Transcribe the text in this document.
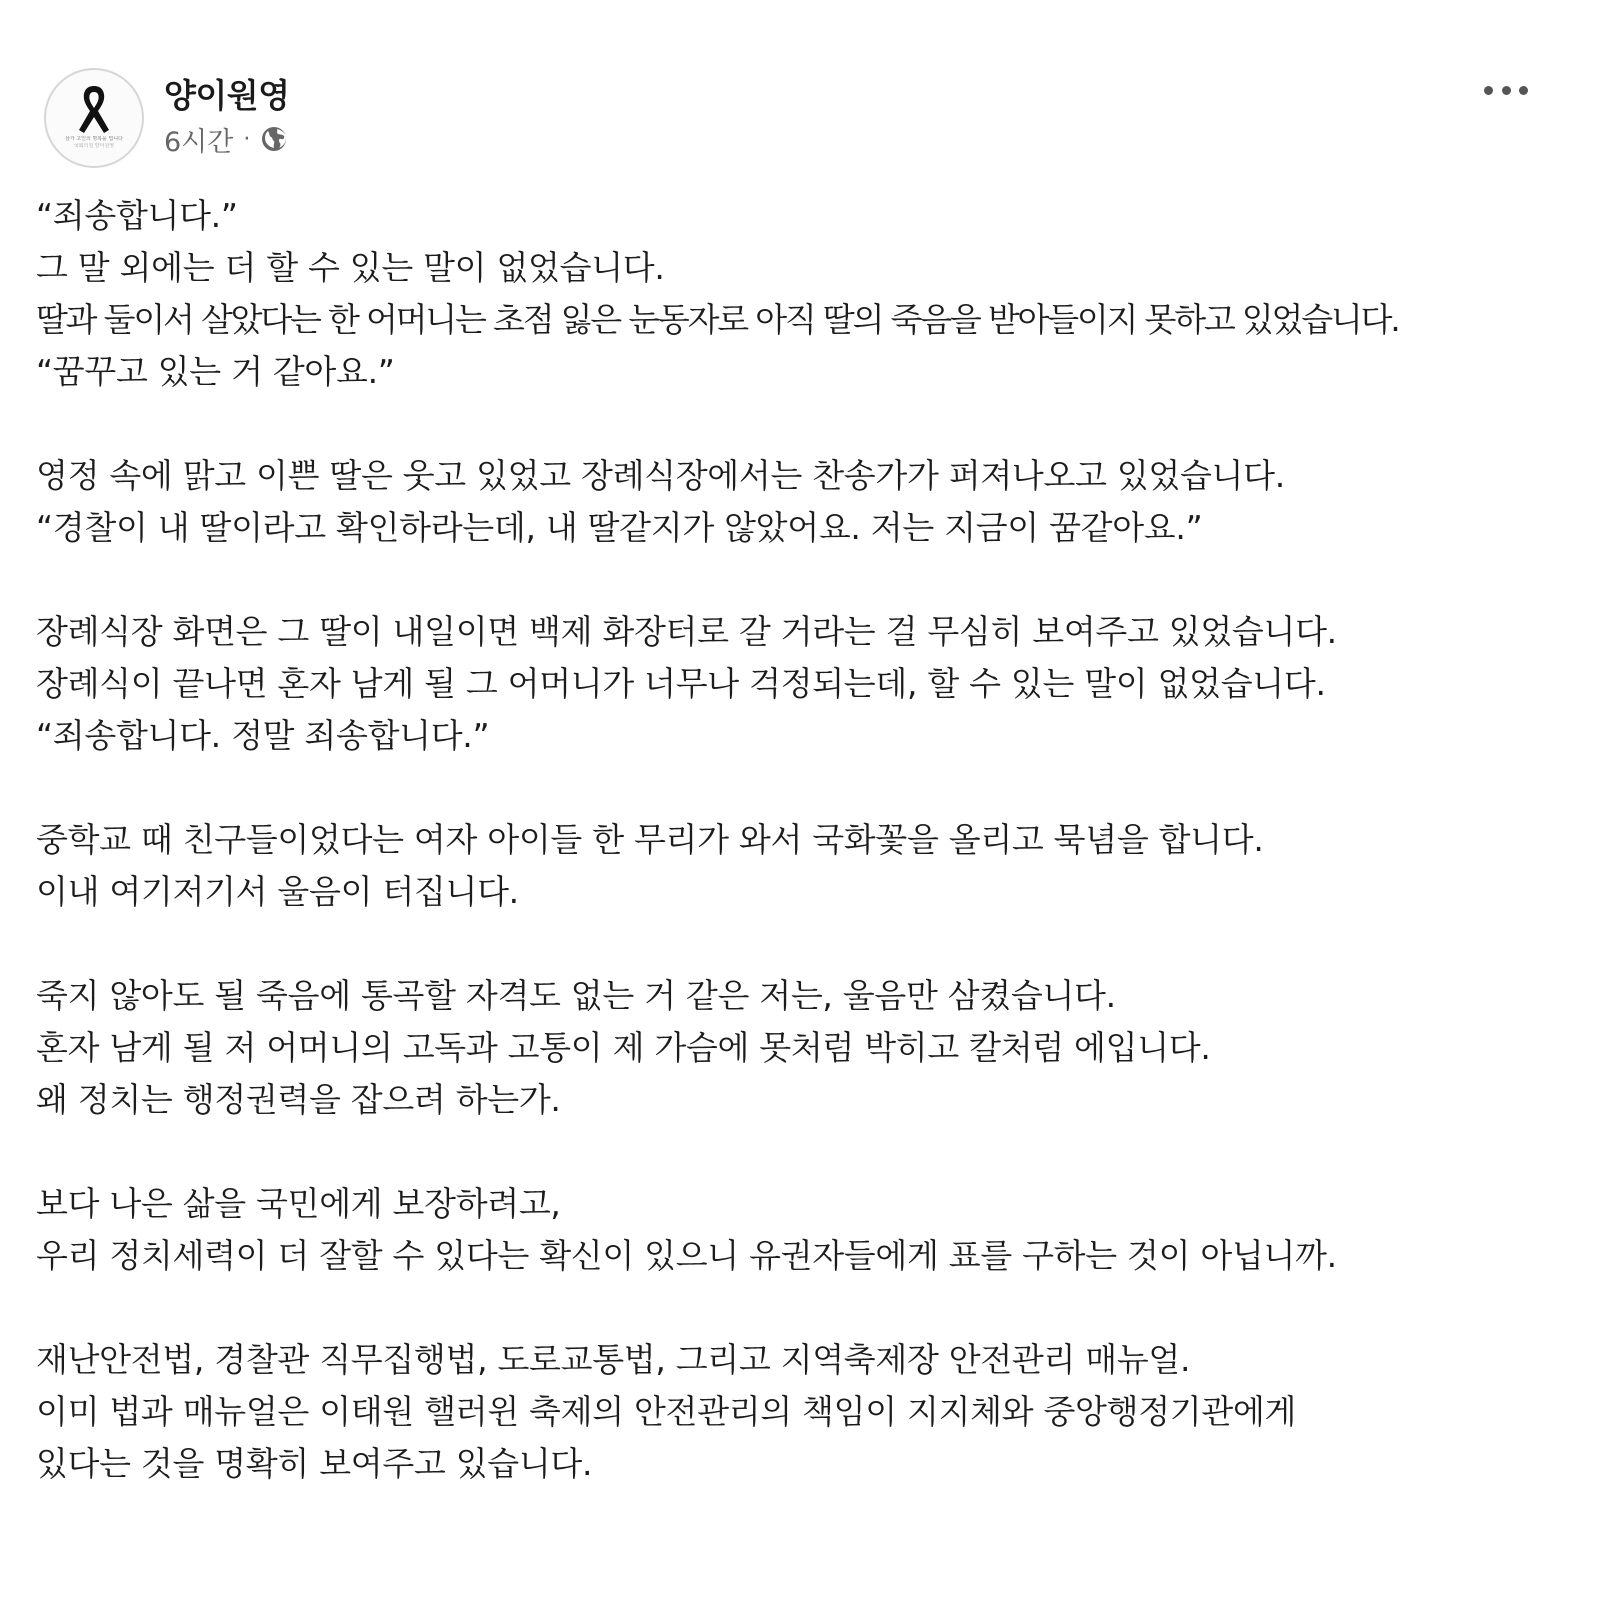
삼가 고인의 명복을 빕니다
국회의원 양이원영
양이원영
6시간 ·
“죄송합니다.”
그 말 외에는 더 할 수 있는 말이 없었습니다.
딸과 둘이서 살았다는 한 어머니는 초점 잃은 눈동자로 아직 딸의 죽음을 받아들이지 못하고 있었습니다.
“꿈꾸고 있는 거 같아요.”
영정 속에 맑고 이쁜 딸은 웃고 있었고 장례식장에서는 찬송가가 퍼져나오고 있었습니다.
“경찰이 내 딸이라고 확인하라는데, 내 딸같지가 않았어요. 저는 지금이 꿈같아요.”
장례식장 화면은 그 딸이 내일이면 백제 화장터로 갈 거라는 걸 무심히 보여주고 있었습니다.
장례식이 끝나면 혼자 남게 될 그 어머니가 너무나 걱정되는데, 할 수 있는 말이 없었습니다.
“죄송합니다. 정말 죄송합니다.”
중학교 때 친구들이었다는 여자 아이들 한 무리가 와서 국화꽃을 올리고 묵념을 합니다.
이내 여기저기서 울음이 터집니다.
죽지 않아도 될 죽음에 통곡할 자격도 없는 거 같은 저는, 울음만 삼켰습니다.
혼자 남게 될 저 어머니의 고독과 고통이 제 가슴에 못처럼 박히고 칼처럼 에입니다.
왜 정치는 행정권력을 잡으려 하는가.
보다 나은 삶을 국민에게 보장하려고,
우리 정치세력이 더 잘할 수 있다는 확신이 있으니 유권자들에게 표를 구하는 것이 아닙니까.
재난안전법, 경찰관 직무집행법, 도로교통법, 그리고 지역축제장 안전관리 매뉴얼.
이미 법과 매뉴얼은 이태원 핼러윈 축제의 안전관리의 책임이 지지체와 중앙행정기관에게
있다는 것을 명확히 보여주고 있습니다.
